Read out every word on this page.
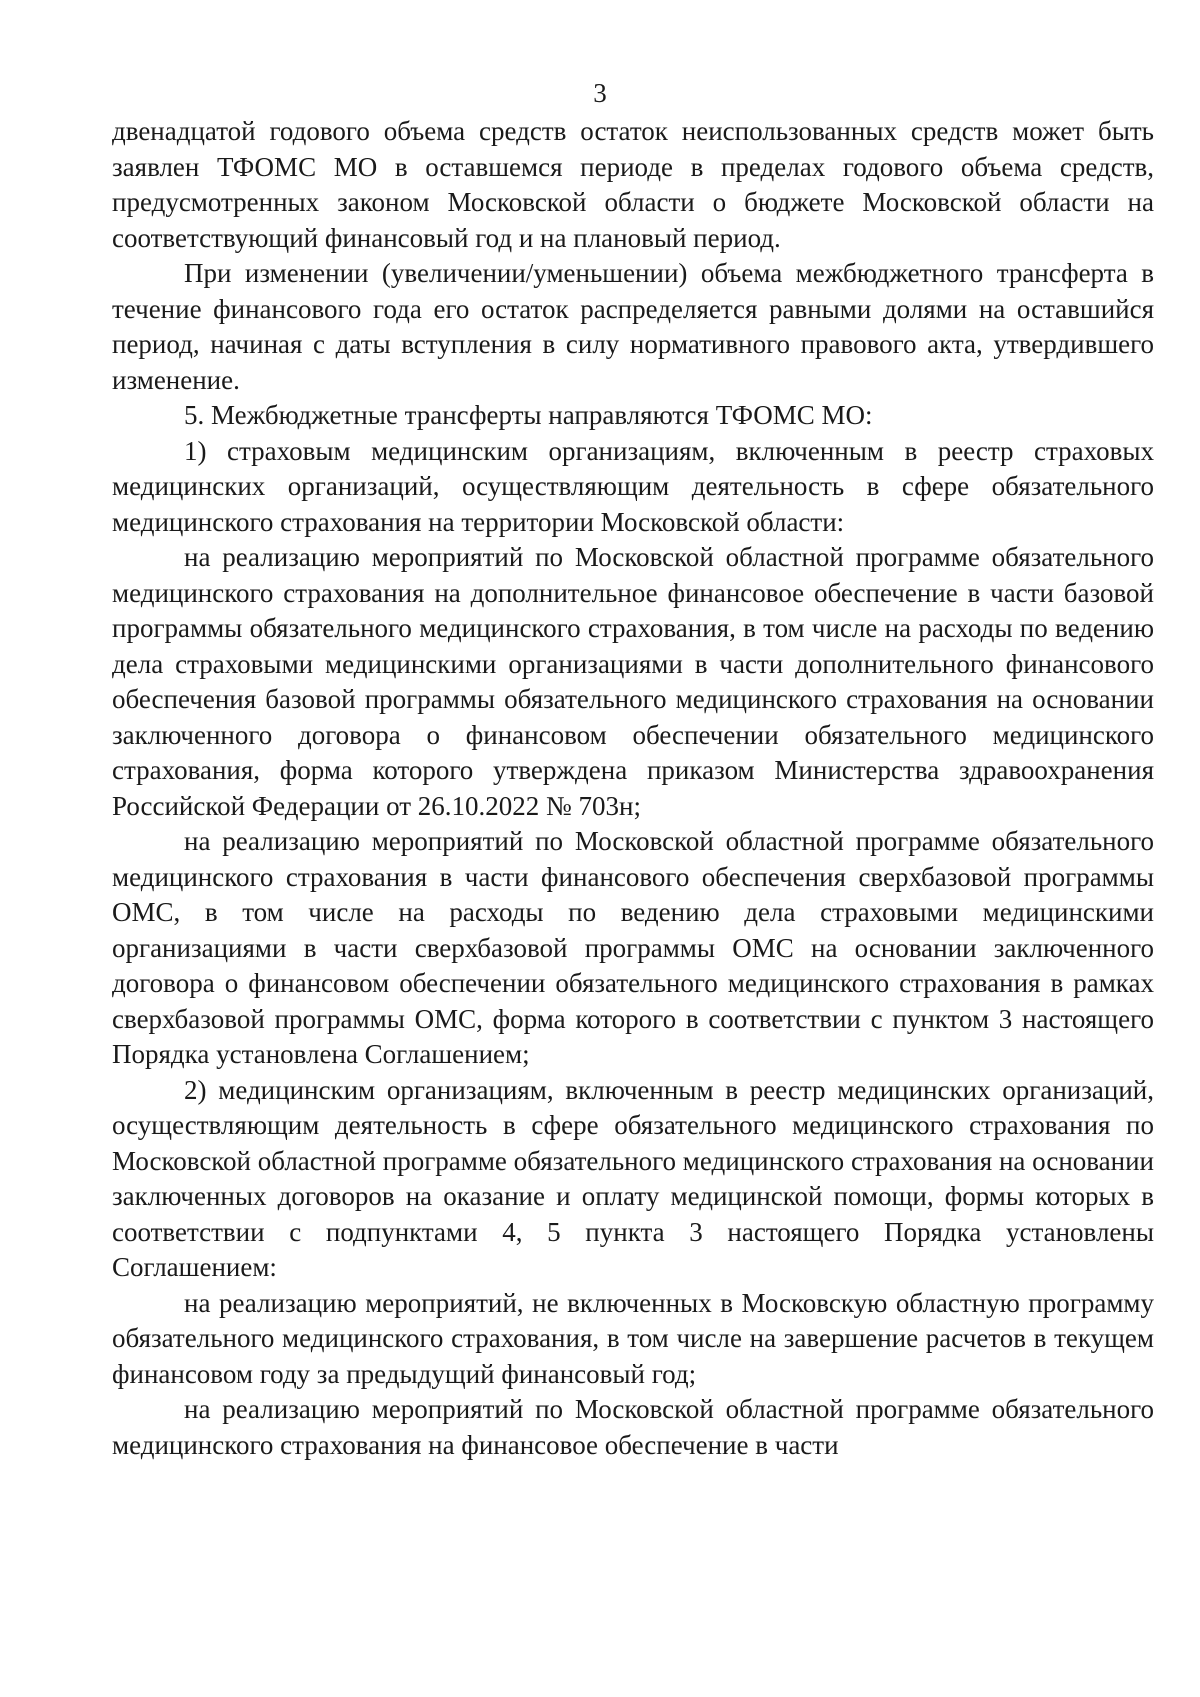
3

двенадцатой годового объема средств остаток неиспользованных средств может быть заявлен ТФОМС МО в оставшемся периоде в пределах годового объема средств, предусмотренных законом Московской области о бюджете Московской области на соответствующий финансовый год и на плановый период.

При изменении (увеличении/уменьшении) объема межбюджетного трансферта в течение финансового года его остаток распределяется равными долями на оставшийся период, начиная с даты вступления в силу нормативного правового акта, утвердившего изменение.

5. Межбюджетные трансферты направляются ТФОМС МО:

1) страховым медицинским организациям, включенным в реестр страховых медицинских организаций, осуществляющим деятельность в сфере обязательного медицинского страхования на территории Московской области:

на реализацию мероприятий по Московской областной программе обязательного медицинского страхования на дополнительное финансовое обеспечение в части базовой программы обязательного медицинского страхования, в том числе на расходы по ведению дела страховыми медицинскими организациями в части дополнительного финансового обеспечения базовой программы обязательного медицинского страхования на основании заключенного договора о финансовом обеспечении обязательного медицинского страхования, форма которого утверждена приказом Министерства здравоохранения Российской Федерации от 26.10.2022 № 703н;

на реализацию мероприятий по Московской областной программе обязательного медицинского страхования в части финансового обеспечения сверхбазовой программы ОМС, в том числе на расходы по ведению дела страховыми медицинскими организациями в части сверхбазовой программы ОМС на основании заключенного договора о финансовом обеспечении обязательного медицинского страхования в рамках сверхбазовой программы ОМС, форма которого в соответствии с пунктом 3 настоящего Порядка установлена Соглашением;

2) медицинским организациям, включенным в реестр медицинских организаций, осуществляющим деятельность в сфере обязательного медицинского страхования по Московской областной программе обязательного медицинского страхования на основании заключенных договоров на оказание и оплату медицинской помощи, формы которых в соответствии с подпунктами 4, 5 пункта 3 настоящего Порядка установлены Соглашением:

на реализацию мероприятий, не включенных в Московскую областную программу обязательного медицинского страхования, в том числе на завершение расчетов в текущем финансовом году за предыдущий финансовый год;

на реализацию мероприятий по Московской областной программе обязательного медицинского страхования на финансовое обеспечение в части
